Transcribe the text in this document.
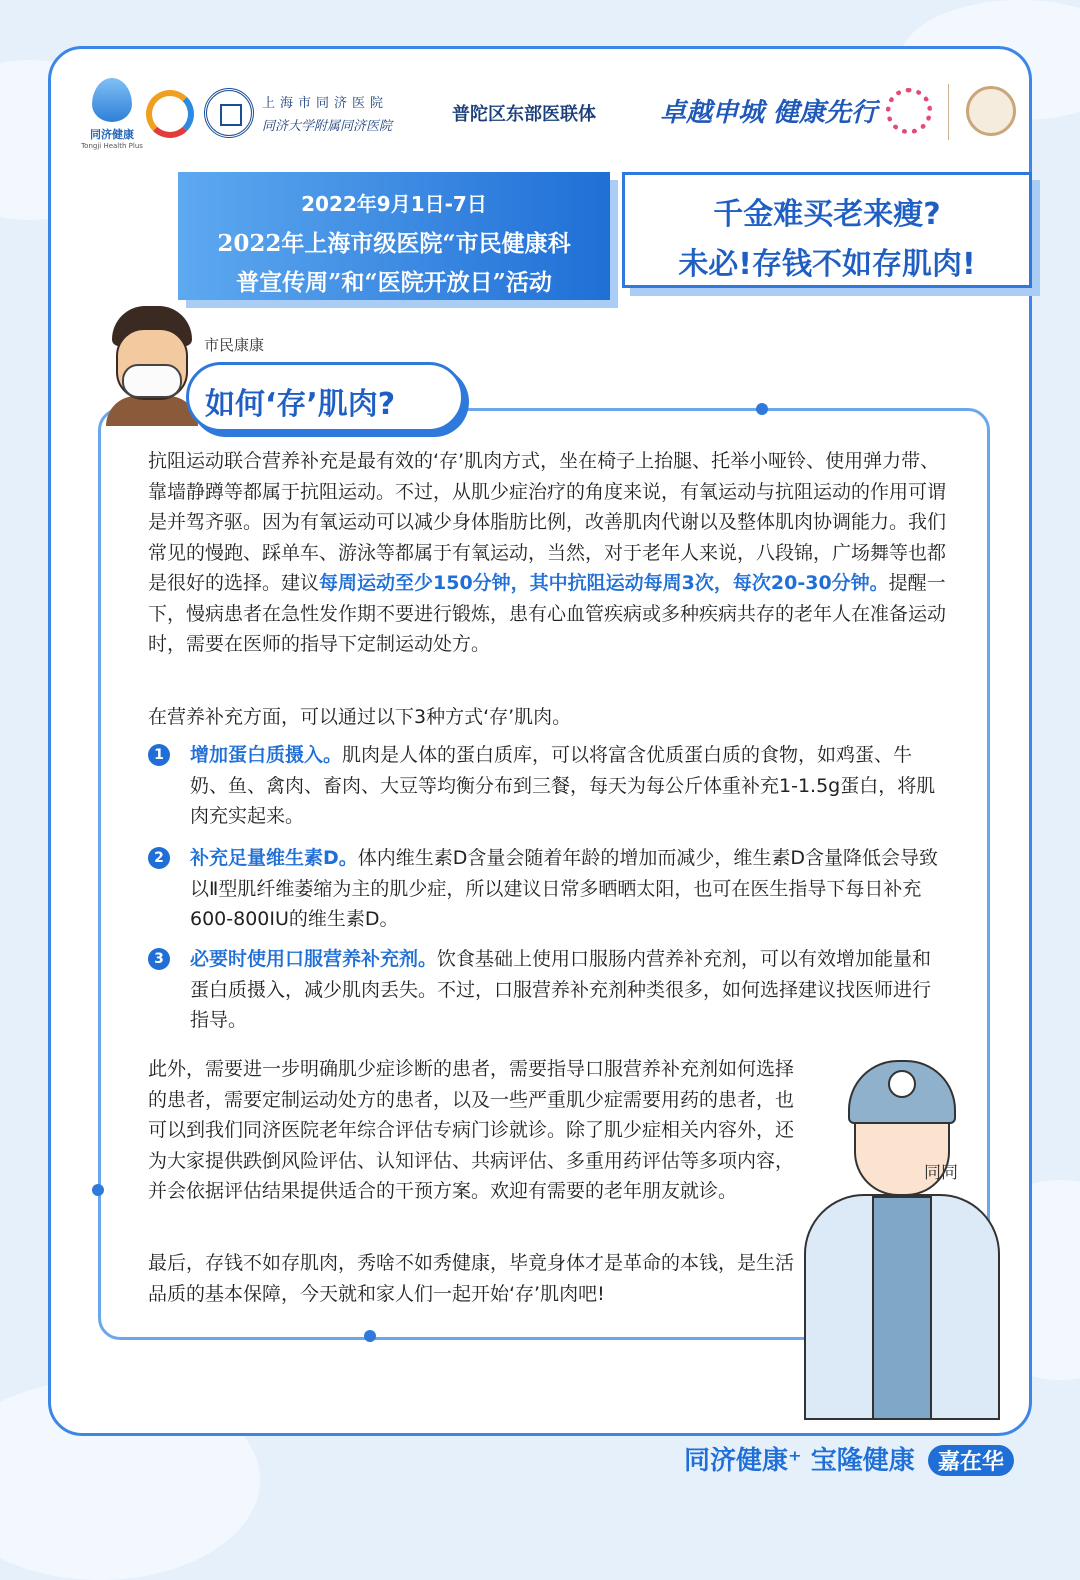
同济健康
Tongji Health Plus
上海市同济医院
同济大学附属同济医院
普陀区东部医联体 卓越申城 健康先行
2022年9月1日-7日
2022年上海市级医院“市民健康科
普宣传周”和“医院开放日”活动
千金难买老来瘦?
未必!存钱不如存肌肉!
市民康康
如何‘存’肌肉?
抗阻运动联合营养补充是最有效的‘存’肌肉方式，坐在椅子上抬腿、托举小哑铃、使用弹力带、靠墙静蹲等都属于抗阻运动。不过，从肌少症治疗的角度来说，有氧运动与抗阻运动的作用可谓是并驾齐驱。因为有氧运动可以减少身体脂肪比例，改善肌肉代谢以及整体肌肉协调能力。我们常见的慢跑、踩单车、游泳等都属于有氧运动，当然，对于老年人来说，八段锦，广场舞等也都是很好的选择。建议每周运动至少150分钟，其中抗阻运动每周3次，每次20-30分钟。提醒一下，慢病患者在急性发作期不要进行锻炼，患有心血管疾病或多种疾病共存的老年人在准备运动时，需要在医师的指导下定制运动处方。
在营养补充方面，可以通过以下3种方式‘存’肌肉。
1	增加蛋白质摄入。肌肉是人体的蛋白质库，可以将富含优质蛋白质的食物，如鸡蛋、牛奶、鱼、禽肉、畜肉、大豆等均衡分布到三餐，每天为每公斤体重补充1-1.5g蛋白，将肌肉充实起来。
2	补充足量维生素D。体内维生素D含量会随着年龄的增加而减少，维生素D含量降低会导致以Ⅱ型肌纤维萎缩为主的肌少症，所以建议日常多晒晒太阳，也可在医生指导下每日补充600-800IU的维生素D。
3	必要时使用口服营养补充剂。饮食基础上使用口服肠内营养补充剂，可以有效增加能量和蛋白质摄入，减少肌肉丢失。不过，口服营养补充剂种类很多，如何选择建议找医师进行指导。
此外，需要进一步明确肌少症诊断的患者，需要指导口服营养补充剂如何选择的患者，需要定制运动处方的患者，以及一些严重肌少症需要用药的患者，也可以到我们同济医院老年综合评估专病门诊就诊。除了肌少症相关内容外，还为大家提供跌倒风险评估、认知评估、共病评估、多重用药评估等多项内容，并会依据评估结果提供适合的干预方案。欢迎有需要的老年朋友就诊。
最后，存钱不如存肌肉，秀啥不如秀健康，毕竟身体才是革命的本钱，是生活品质的基本保障，今天就和家人们一起开始‘存’肌肉吧!
同同
同济健康⁺ 宝隆健康 嘉在华
